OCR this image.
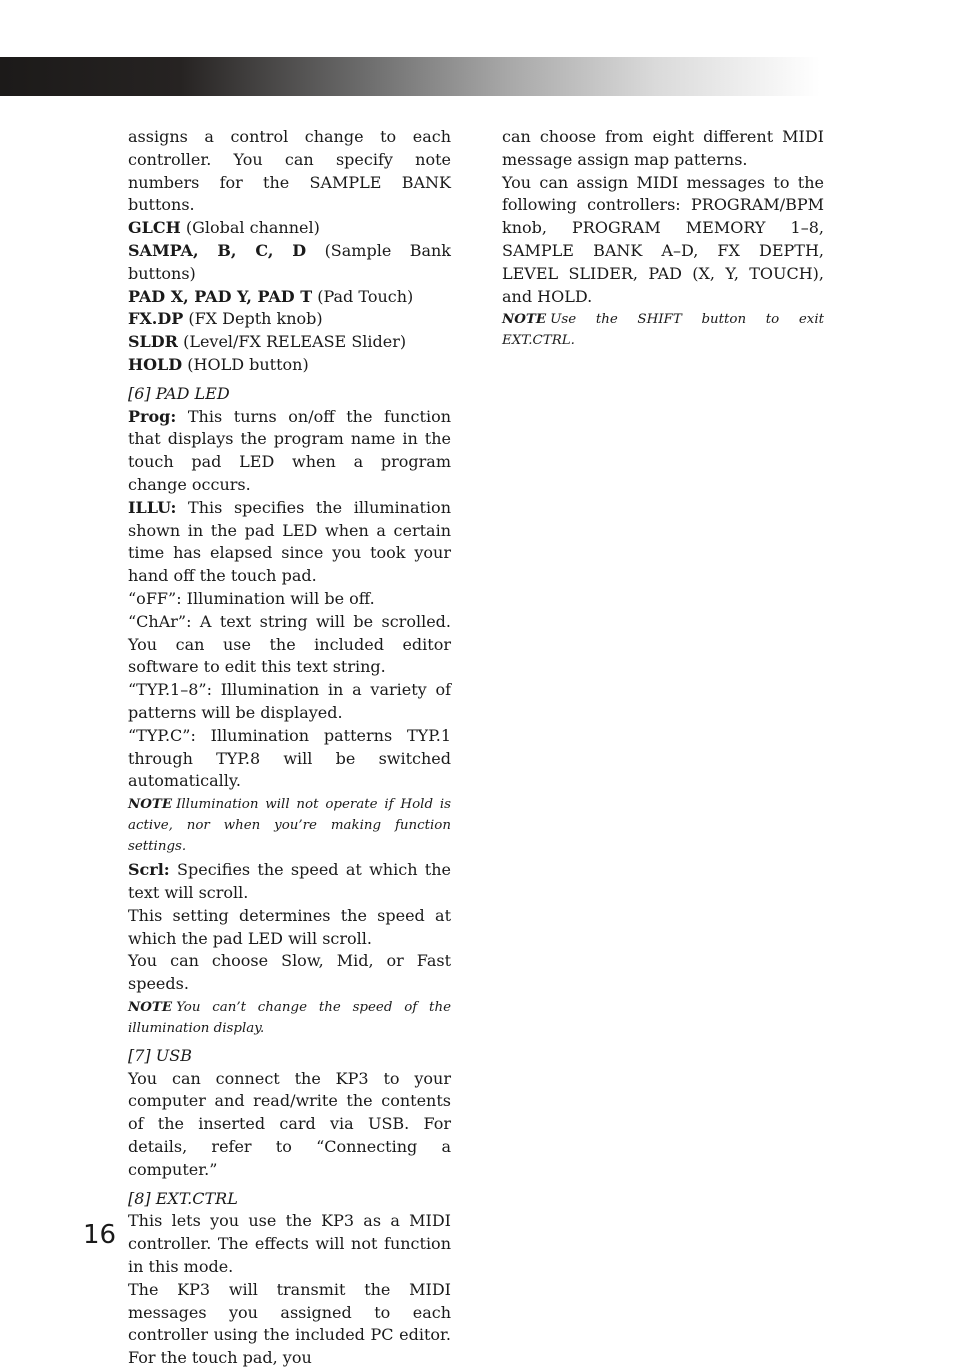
assigns a control change to each controller. You can specify note numbers for the SAMPLE BANK buttons.

GLCH (Global channel)

SAMPA, B, C, D (Sample Bank buttons)

PAD X, PAD Y, PAD T (Pad Touch)

FX.DP (FX Depth knob)

SLDR (Level/FX RELEASE Slider)

HOLD (HOLD button)

[6] PAD LED

Prog: This turns on/off the function that displays the program name in the touch pad LED when a program change occurs.

ILLU: This specifies the illumination shown in the pad LED when a certain time has elapsed since you took your hand off the touch pad.

“oFF”: Illumination will be off.

“ChAr”: A text string will be scrolled. You can use the included editor software to edit this text string.

“TYP.1–8”: Illumination in a variety of patterns will be displayed.

“TYP.C”: Illumination patterns TYP.1 through TYP.8 will be switched automatically.

NOTE Illumination will not operate if Hold is active, nor when you’re making function settings.

Scrl: Specifies the speed at which the text will scroll.

This setting determines the speed at which the pad LED will scroll.

You can choose Slow, Mid, or Fast speeds.

NOTE You can’t change the speed of the illumination display.

[7] USB

You can connect the KP3 to your computer and read/write the contents of the inserted card via USB. For details, refer to “Connecting a computer.”

[8] EXT.CTRL

This lets you use the KP3 as a MIDI controller. The effects will not function in this mode.

The KP3 will transmit the MIDI messages you assigned to each controller using the included PC editor. For the touch pad, you

can choose from eight different MIDI message assign map patterns.

You can assign MIDI messages to the following controllers: PROGRAM/BPM knob, PROGRAM MEMORY 1–8, SAMPLE BANK A–D, FX DEPTH, LEVEL SLIDER, PAD (X, Y, TOUCH), and HOLD.

NOTE Use the SHIFT button to exit EXT.CTRL.

16
